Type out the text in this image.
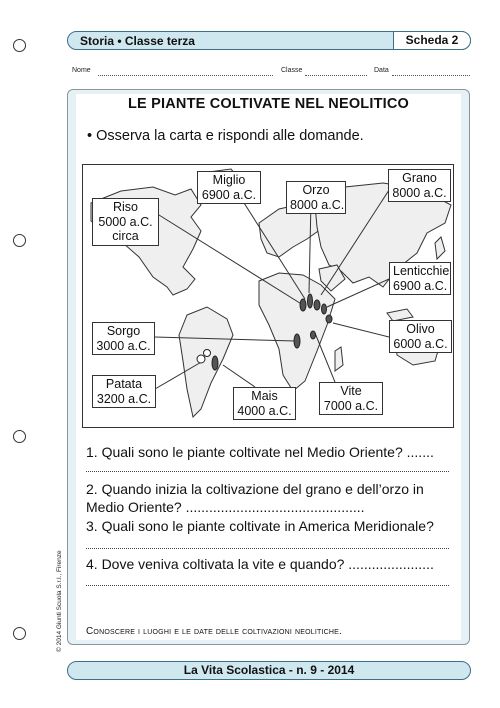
Storia • Classe terza	Scheda 2
Nome	Classe	Data
LE PIANTE COLTIVATE NEL NEOLITICO
• Osserva la carta e rispondi alle domande.
Riso
5000 a.C.
circa
Miglio
6900 a.C.	Orzo
8000 a.C.
Grano
8000 a.C.
Lenticchie
6900 a.C.
Olivo
6000 a.C.
Sorgo
3000 a.C.
Patata
3200 a.C.	Mais
4000 a.C.
Vite
7000 a.C.
1. Quali sono le piante coltivate nel Medio Oriente? .......
2. Quando inizia la coltivazione del grano e dell’orzo in
Medio Oriente? ..............................................
3. Quali sono le piante coltivate in America Meridionale?
4. Dove veniva coltivata la vite e quando? ......................
Conoscere i luoghi e le date delle coltivazioni neolitiche.
La Vita Scolastica - n. 9 - 2014
© 2014 Giunti Scuola S.r.l., Firenze
